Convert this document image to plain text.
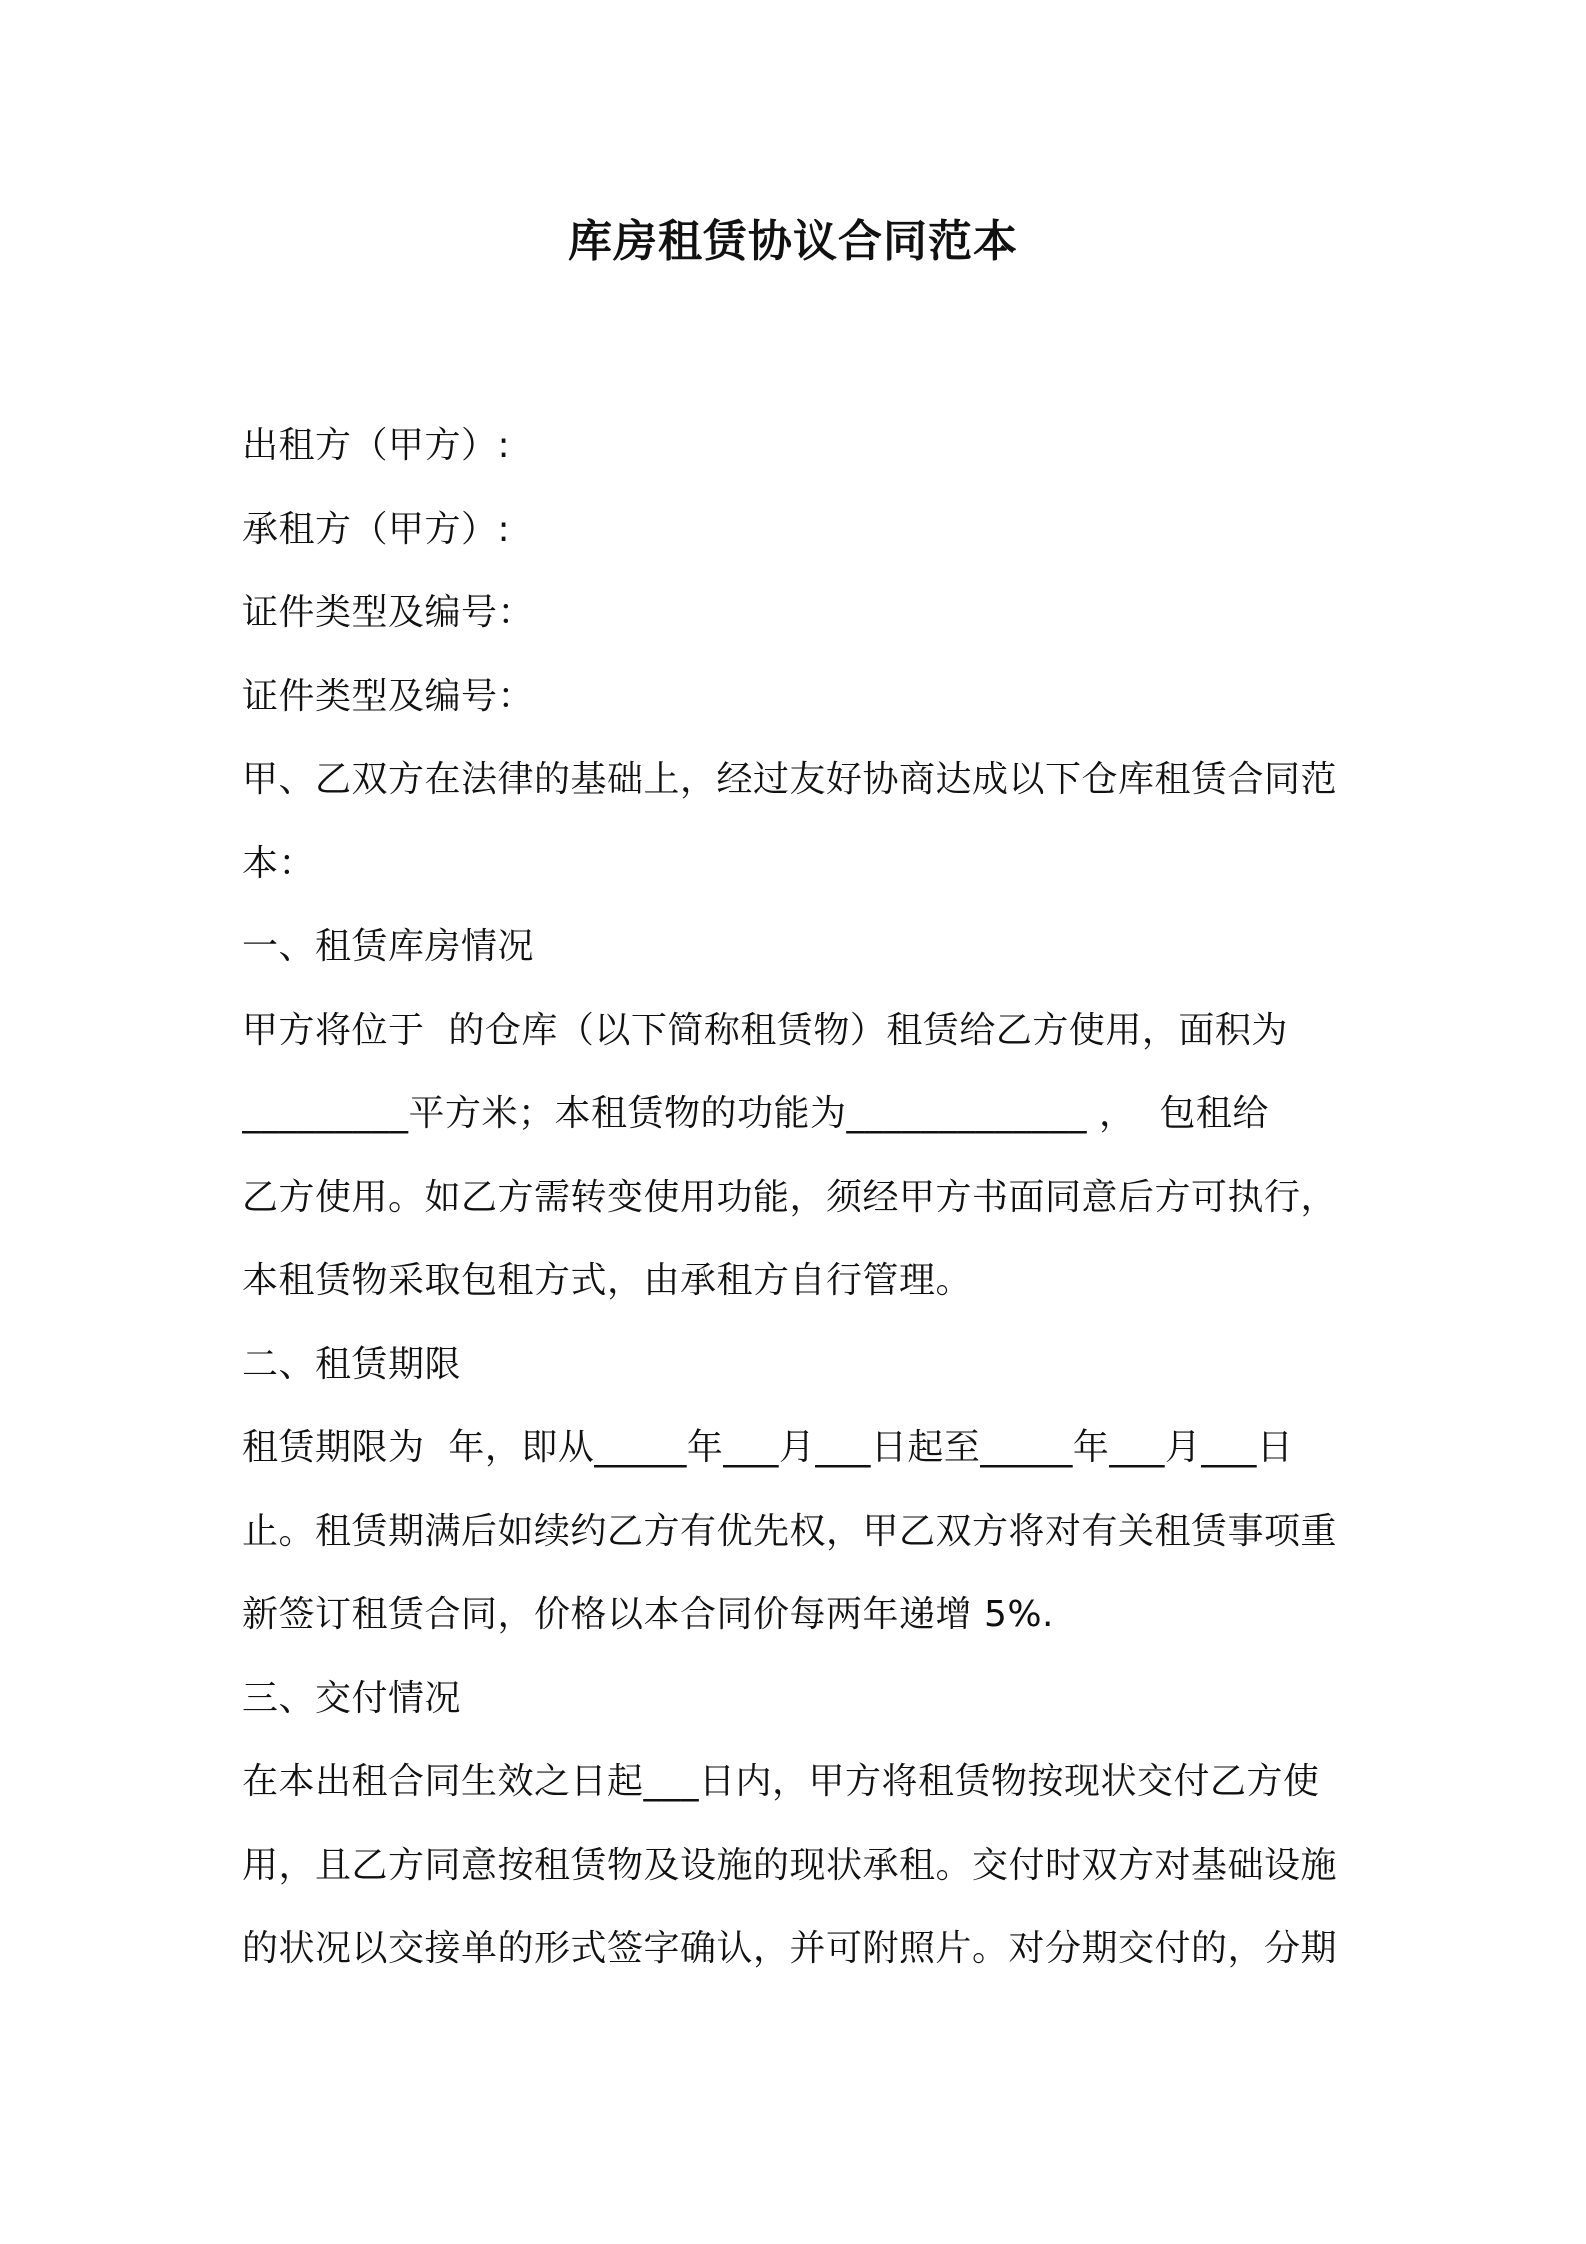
库房租赁协议合同范本
出租方（甲方）:
承租方（甲方）:
证件类型及编号：
证件类型及编号：
甲、乙双方在法律的基础上，经过友好协商达成以下仓库租赁合同范
本：
一、租赁库房情况
甲方将位于  的仓库（以下简称租赁物）租赁给乙方使用，面积为
_________平方米；本租赁物的功能为_____________ ，  包租给
乙方使用。如乙方需转变使用功能，须经甲方书面同意后方可执行，
本租赁物采取包租方式，由承租方自行管理。
二、租赁期限
租赁期限为  年，即从_____年___月___日起至_____年___月___日
止。租赁期满后如续约乙方有优先权，甲乙双方将对有关租赁事项重
新签订租赁合同，价格以本合同价每两年递增 5%.
三、交付情况
在本出租合同生效之日起___日内，甲方将租赁物按现状交付乙方使
用，且乙方同意按租赁物及设施的现状承租。交付时双方对基础设施
的状况以交接单的形式签字确认，并可附照片。对分期交付的，分期
